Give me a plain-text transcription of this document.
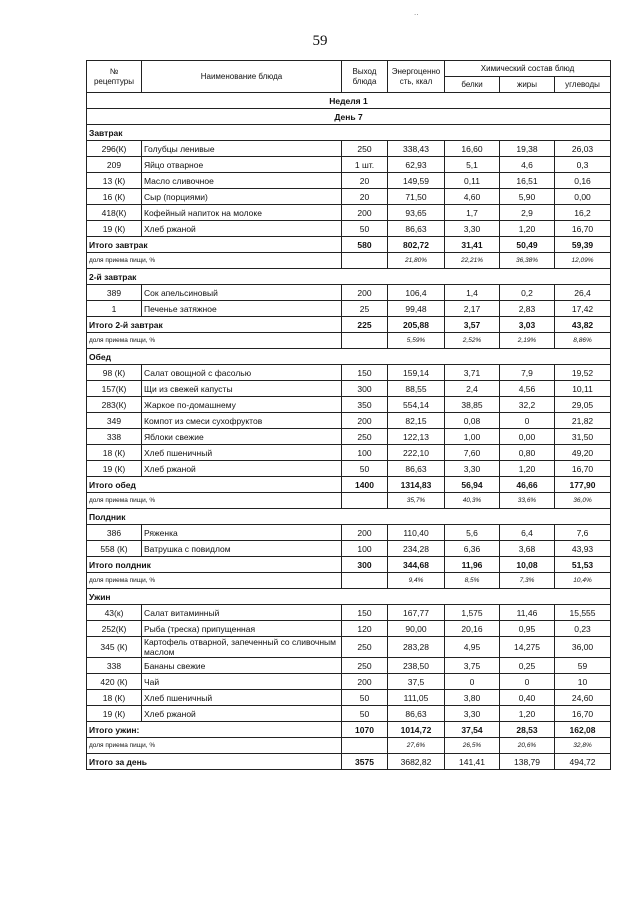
..
59
№ рецептуры	Наименование блюда	Выход блюда	Энергоценность, ккал	Химический состав блюд		
				белки	жиры	углеводы
Неделя 1						
День 7						
Завтрак						
296(К)	Голубцы ленивые	250	338,43	16,60	19,38	26,03
209	Яйцо отварное	1 шт.	62,93	5,1	4,6	0,3
13 (К)	Масло сливочное	20	149,59	0,11	16,51	0,16
16 (К)	Сыр (порциями)	20	71,50	4,60	5,90	0,00
418(К)	Кофейный напиток на молоке	200	93,65	1,7	2,9	16,2
19 (К)	Хлеб ржаной	50	86,63	3,30	1,20	16,70
Итого завтрак		580	802,72	31,41	50,49	59,39
доля приема пищи, %			21,80%	22,21%	36,38%	12,09%
2-й завтрак						
389	Сок апельсиновый	200	106,4	1,4	0,2	26,4
1	Печенье затяжное	25	99,48	2,17	2,83	17,42
Итого 2-й завтрак		225	205,88	3,57	3,03	43,82
доля приема пищи, %			5,59%	2,52%	2,19%	8,86%
Обед						
98 (К)	Салат овощной с фасолью	150	159,14	3,71	7,9	19,52
157(К)	Щи из свежей капусты	300	88,55	2,4	4,56	10,11
283(К)	Жаркое по-домашнему	350	554,14	38,85	32,2	29,05
349	Компот из смеси сухофруктов	200	82,15	0,08	0	21,82
338	Яблоки свежие	250	122,13	1,00	0,00	31,50
18 (К)	Хлеб пшеничный	100	222,10	7,60	0,80	49,20
19 (К)	Хлеб ржаной	50	86,63	3,30	1,20	16,70
Итого обед		1400	1314,83	56,94	46,66	177,90
доля приема пищи, %			35,7%	40,3%	33,6%	36,0%
Полдник						
386	Ряженка	200	110,40	5,6	6,4	7,6
558 (К)	Ватрушка с повидлом	100	234,28	6,36	3,68	43,93
Итого полдник		300	344,68	11,96	10,08	51,53
доля приема пищи, %			9,4%	8,5%	7,3%	10,4%
Ужин						
43(к)	Салат витаминный	150	167,77	1,575	11,46	15,555
252(К)	Рыба (треска) припущенная	120	90,00	20,16	0,95	0,23
345 (К)	Картофель отварной, запеченный со сливочным маслом	250	283,28	4,95	14,275	36,00
338	Бананы свежие	250	238,50	3,75	0,25	59
420 (К)	Чай	200	37,5	0	0	10
18 (К)	Хлеб пшеничный	50	111,05	3,80	0,40	24,60
19 (К)	Хлеб ржаной	50	86,63	3,30	1,20	16,70
Итого ужин:		1070	1014,72	37,54	28,53	162,08
доля приема пищи, %			27,6%	26,5%	20,6%	32,8%
Итого за день		3575	3682,82	141,41	138,79	494,72
